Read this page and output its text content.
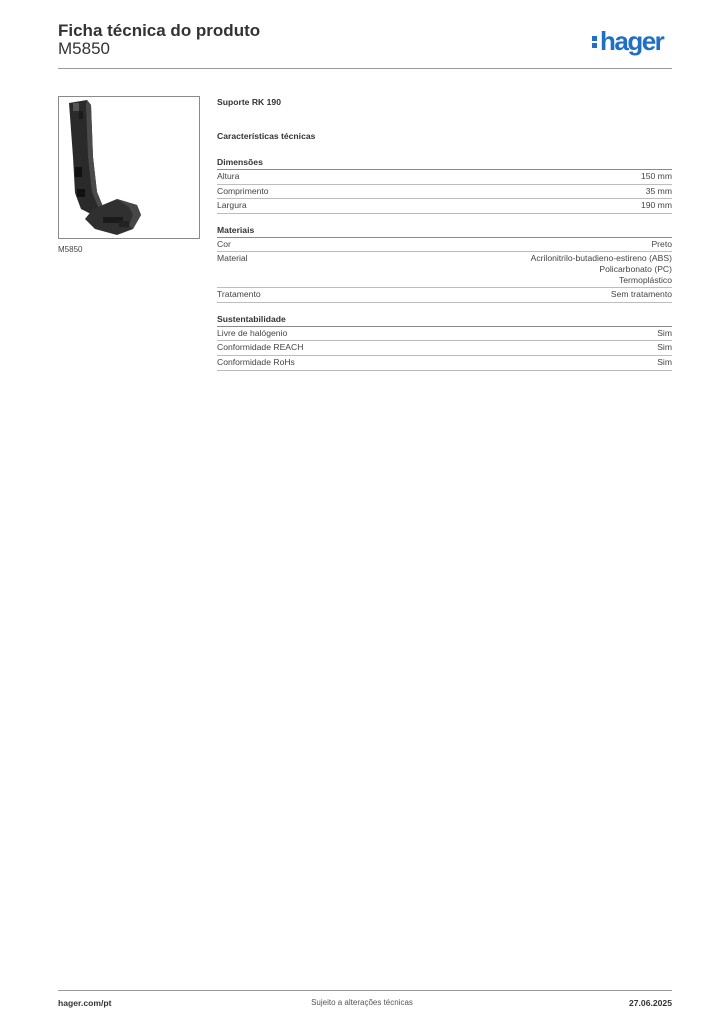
Ficha técnica do produto
M5850	hager
M5850
Suporte RK 190
Características técnicas
Dimensões
Altura	150 mm
Comprimento	35 mm
Largura	190 mm
Materiais
Cor	Preto
Material	Acrilonitrilo-butadieno-estireno (ABS)
Policarbonato (PC)
Termoplástico
Tratamento	Sem tratamento
Sustentabilidade
Livre de halógenio	Sim
Conformidade REACH	Sim
Conformidade RoHs	Sim
hager.com/pt	Sujeito a alterações técnicas	27.06.2025
